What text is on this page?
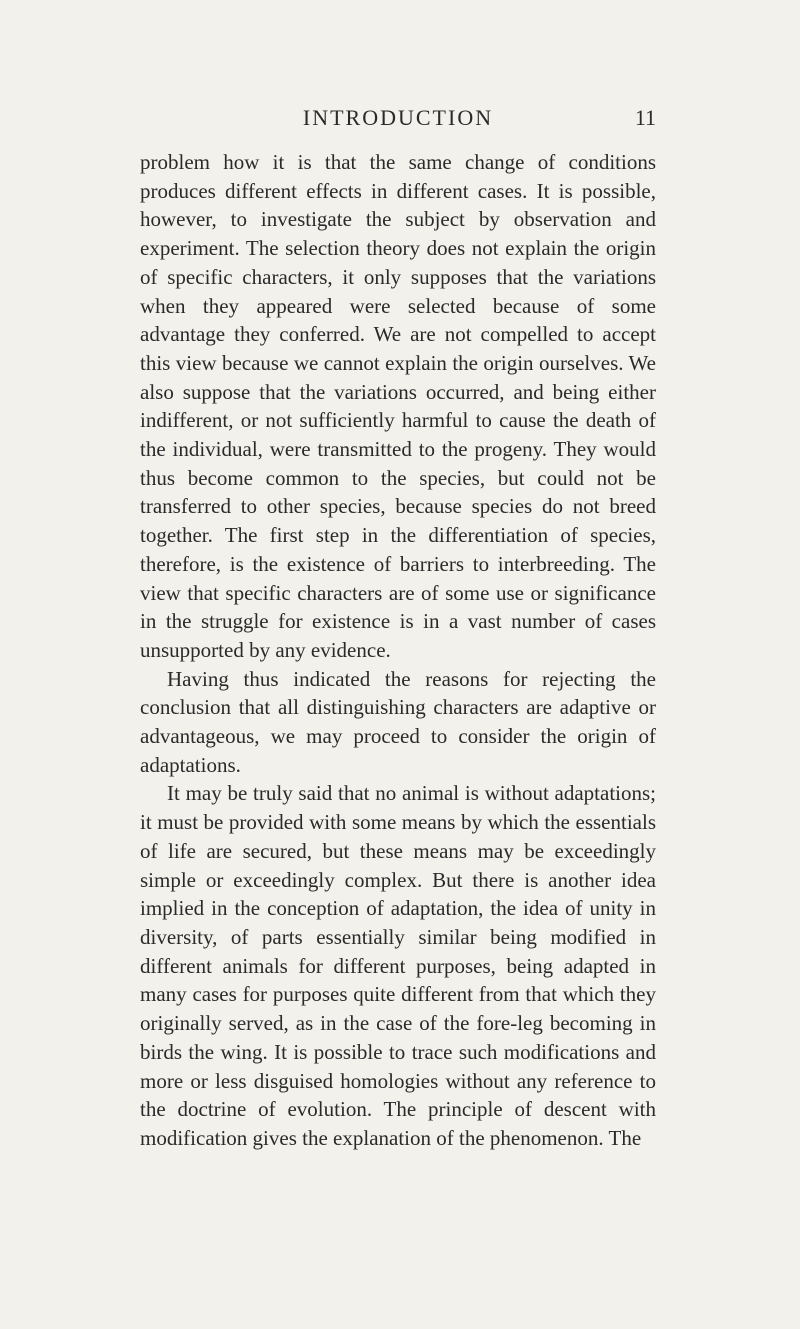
INTRODUCTION	11

problem how it is that the same change of conditions produces different effects in different cases. It is possible, however, to investigate the subject by observation and experiment. The selection theory does not explain the origin of specific characters, it only supposes that the variations when they appeared were selected because of some advantage they conferred. We are not compelled to accept this view because we cannot explain the origin ourselves. We also suppose that the variations occurred, and being either indifferent, or not sufficiently harmful to cause the death of the individual, were transmitted to the progeny. They would thus become common to the species, but could not be transferred to other species, because species do not breed together. The first step in the differentiation of species, therefore, is the existence of barriers to interbreeding. The view that specific characters are of some use or significance in the struggle for existence is in a vast number of cases unsupported by any evidence.

Having thus indicated the reasons for rejecting the conclusion that all distinguishing characters are adaptive or advantageous, we may proceed to consider the origin of adaptations.

It may be truly said that no animal is without adaptations; it must be provided with some means by which the essentials of life are secured, but these means may be exceedingly simple or exceedingly complex. But there is another idea implied in the conception of adaptation, the idea of unity in diversity, of parts essentially similar being modified in different animals for different purposes, being adapted in many cases for purposes quite different from that which they originally served, as in the case of the fore-leg becoming in birds the wing. It is possible to trace such modifications and more or less disguised homologies without any reference to the doctrine of evolution. The principle of descent with modification gives the explanation of the phenomenon. The
